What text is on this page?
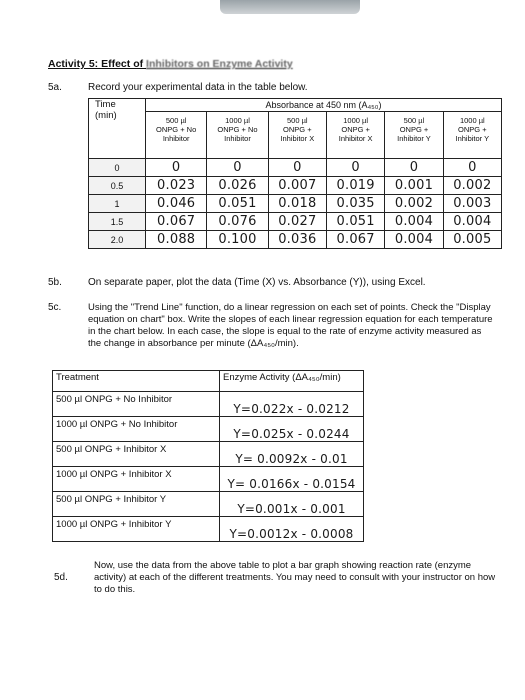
Activity 5: Effect of Inhibitors on Enzyme Activity
5a.	Record your experimental data in the table below.
Time
(min)	Absorbance at 450 nm (A₄₅₀)					
	500 µl
ONPG + No
Inhibitor	1000 µl
ONPG + No
Inhibitor	500 µl
ONPG +
Inhibitor X	1000 µl
ONPG +
Inhibitor X	500 µl
ONPG +
Inhibitor Y	1000 µl
ONPG +
Inhibitor Y
0	0	0	0	0	0	0
0.5	0.023	0.026	0.007	0.019	0.001	0.002
1	0.046	0.051	0.018	0.035	0.002	0.003
1.5	0.067	0.076	0.027	0.051	0.004	0.004
2.0	0.088	0.100	0.036	0.067	0.004	0.005
5b.	On separate paper, plot the data (Time (X) vs. Absorbance (Y)), using Excel.
5c.	Using the "Trend Line" function, do a linear regression on each set of points. Check the "Display equation on chart" box. Write the slopes of each linear regression equation for each temperature in the chart below. In each case, the slope is equal to the rate of enzyme activity measured as the change in absorbance per minute (ΔA₄₅₀/min).
Treatment	Enzyme Activity (ΔA₄₅₀/min)
500 µl ONPG + No Inhibitor	Y=0.022x - 0.0212
1000 µl ONPG + No Inhibitor	Y=0.025x - 0.0244
500 µl ONPG + Inhibitor X	Y= 0.0092x - 0.01
1000 µl ONPG + Inhibitor X	Y= 0.0166x - 0.0154
500 µl ONPG + Inhibitor Y	Y=0.001x - 0.001
1000 µl ONPG + Inhibitor Y	Y=0.0012x - 0.0008
5d.
Now, use the data from the above table to plot a bar graph showing reaction rate (enzyme activity) at each of the different treatments. You may need to consult with your instructor on how to do this.
